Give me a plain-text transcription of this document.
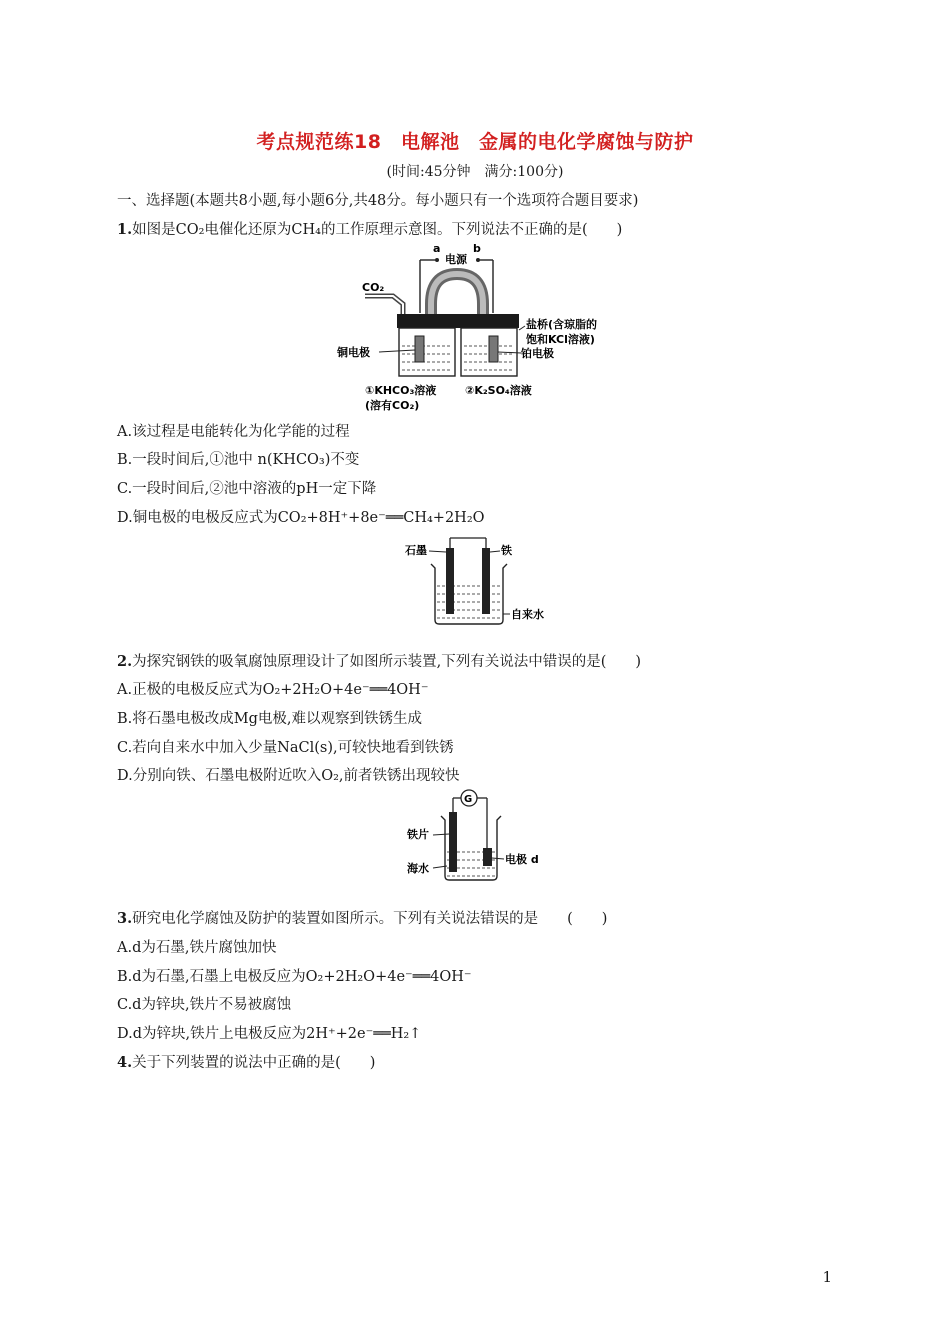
考点规范练18　电解池　金属的电化学腐蚀与防护
(时间:45分钟　满分:100分)
一、选择题(本题共8小题,每小题6分,共48分。每小题只有一个选项符合题目要求)
1.如图是CO₂电催化还原为CH₄的工作原理示意图。下列说法不正确的是(　　)
a	b
电源
CO₂
盐桥(含琼脂的
饱和KCl溶液)
铜电极	铂电极
①KHCO₃溶液
(溶有CO₂)
②K₂SO₄溶液
A.该过程是电能转化为化学能的过程
B.一段时间后,①池中 n(KHCO₃)不变
C.一段时间后,②池中溶液的pH一定下降
D.铜电极的电极反应式为CO₂+8H⁺+8e⁻══CH₄+2H₂O
石墨	铁
自来水
2.为探究钢铁的吸氧腐蚀原理设计了如图所示装置,下列有关说法中错误的是(　　)
A.正极的电极反应式为O₂+2H₂O+4e⁻══4OH⁻
B.将石墨电极改成Mg电极,难以观察到铁锈生成
C.若向自来水中加入少量NaCl(s),可较快地看到铁锈
D.分别向铁、石墨电极附近吹入O₂,前者铁锈出现较快
G
铁片
海水
电极 d
3.研究电化学腐蚀及防护的装置如图所示。下列有关说法错误的是　　(　　)
A.d为石墨,铁片腐蚀加快
B.d为石墨,石墨上电极反应为O₂+2H₂O+4e⁻══4OH⁻
C.d为锌块,铁片不易被腐蚀
D.d为锌块,铁片上电极反应为2H⁺+2e⁻══H₂↑
4.关于下列装置的说法中正确的是(　　)
1
